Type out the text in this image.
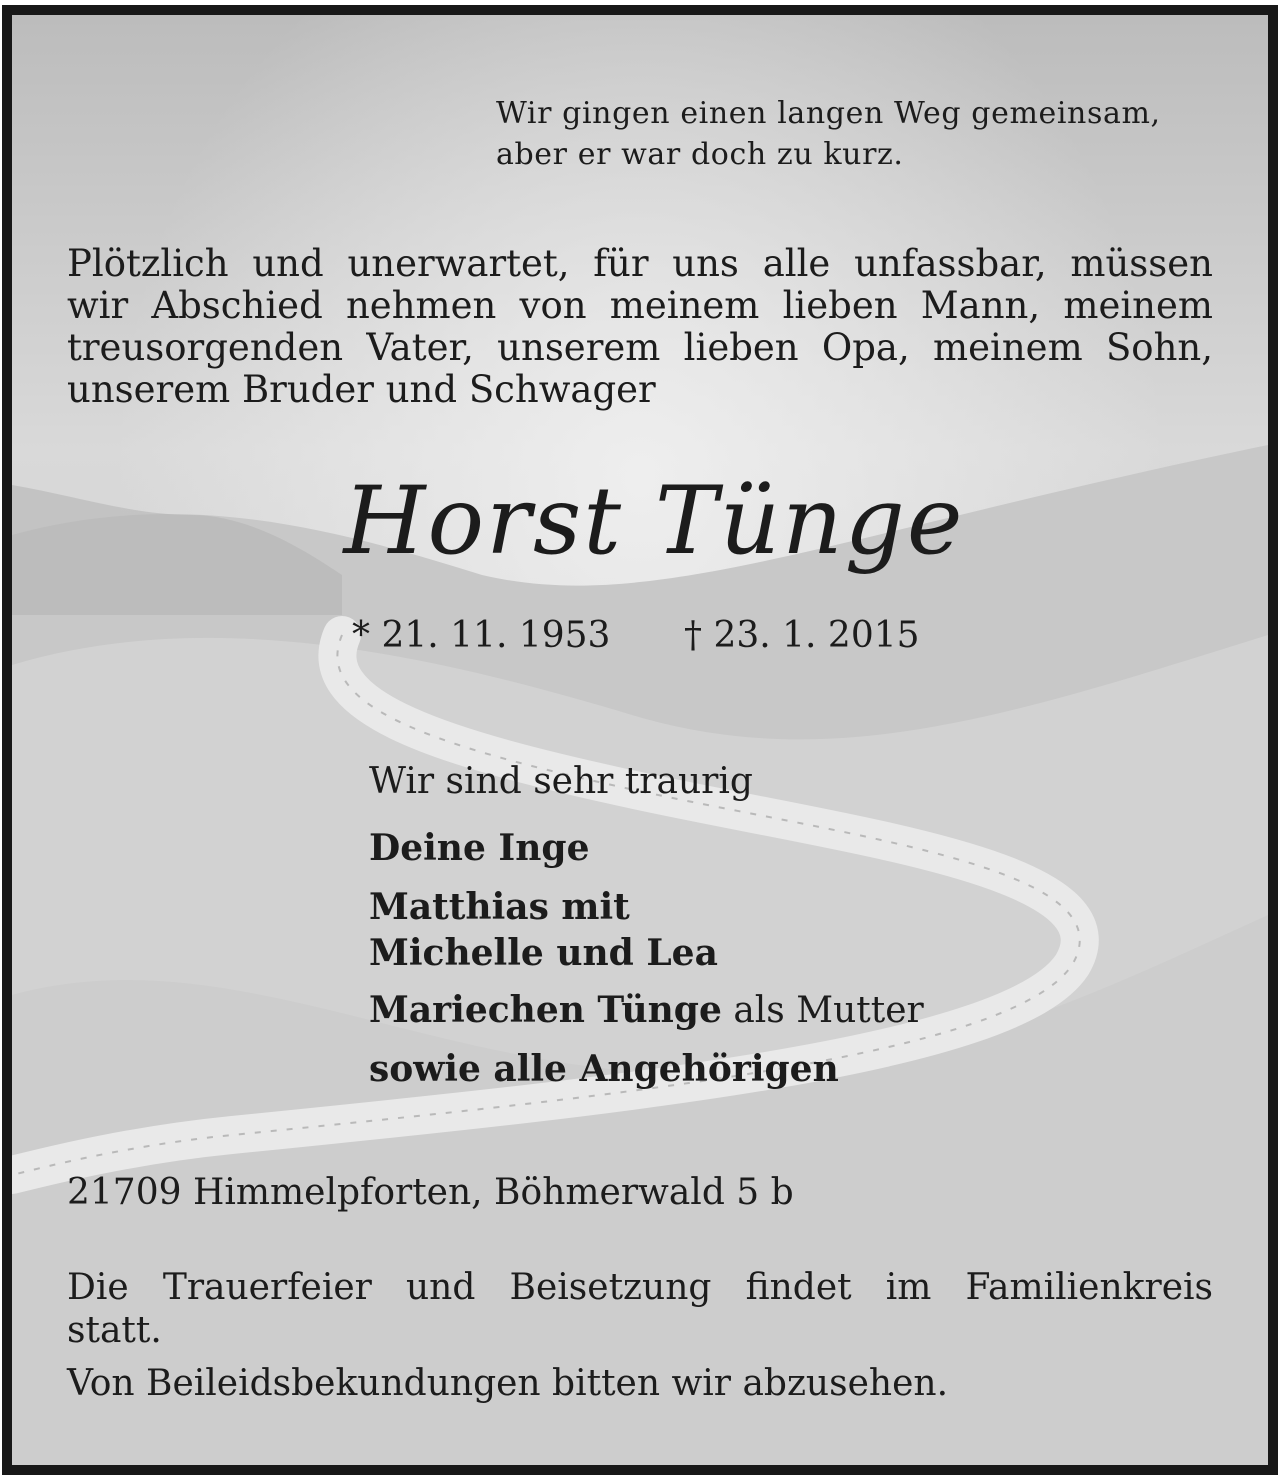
Wir gingen einen langen Weg gemeinsam,
aber er war doch zu kurz.
Plötzlich und unerwartet, für uns alle unfassbar, müssen
wir Abschied nehmen von meinem lieben Mann, meinem
treusorgenden Vater, unserem lieben Opa, meinem Sohn,
unserem Bruder und Schwager
Horst Tünge
* 21. 11. 1953 † 23. 1. 2015
Wir sind sehr traurig
Deine Inge
Matthias mit
Michelle und Lea
Mariechen Tünge als Mutter
sowie alle Angehörigen
21709 Himmelpforten, Böhmerwald 5 b
Die Trauerfeier und Beisetzung findet im Familienkreis
statt.
Von Beileidsbekundungen bitten wir abzusehen.
